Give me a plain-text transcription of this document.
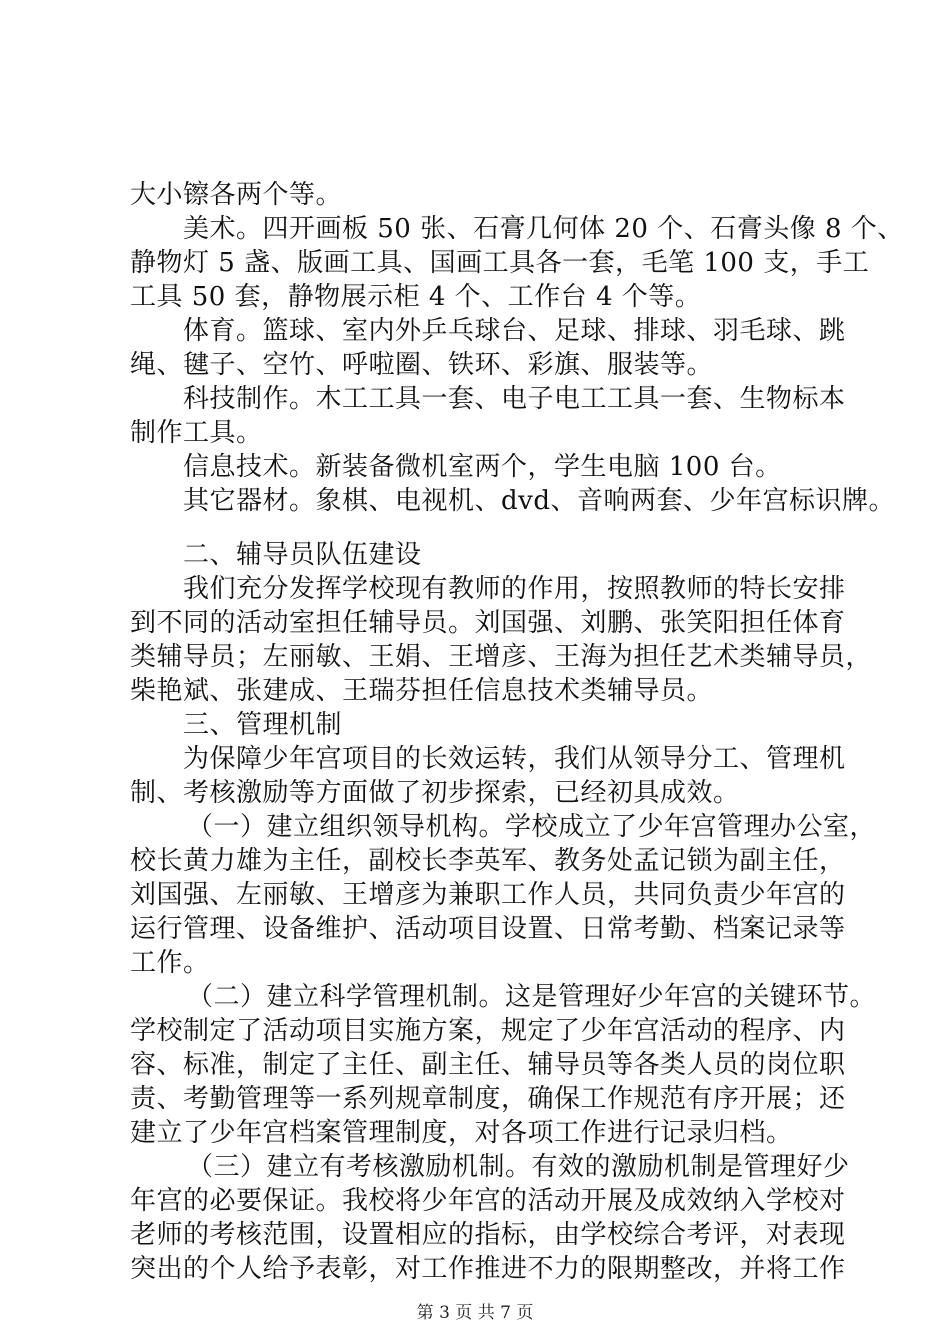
大小镲各两个等。
美术。四开画板 50 张、石膏几何体 20 个、石膏头像 8 个、
静物灯 5 盏、版画工具、国画工具各一套，毛笔 100 支，手工
工具 50 套，静物展示柜 4 个、工作台 4 个等。
体育。篮球、室内外乒乓球台、足球、排球、羽毛球、跳
绳、毽子、空竹、呼啦圈、铁环、彩旗、服装等。
科技制作。木工工具一套、电子电工工具一套、生物标本
制作工具。
信息技术。新装备微机室两个，学生电脑 100 台。
其它器材。象棋、电视机、dvd、音响两套、少年宫标识牌。
二、辅导员队伍建设
我们充分发挥学校现有教师的作用，按照教师的特长安排
到不同的活动室担任辅导员。刘国强、刘鹏、张笑阳担任体育
类辅导员；左丽敏、王娟、王增彦、王海为担任艺术类辅导员，
柴艳斌、张建成、王瑞芬担任信息技术类辅导员。
三、管理机制
为保障少年宫项目的长效运转，我们从领导分工、管理机
制、考核激励等方面做了初步探索，已经初具成效。
（一）建立组织领导机构。学校成立了少年宫管理办公室，
校长黄力雄为主任，副校长李英军、教务处孟记锁为副主任，
刘国强、左丽敏、王增彦为兼职工作人员，共同负责少年宫的
运行管理、设备维护、活动项目设置、日常考勤、档案记录等
工作。
（二）建立科学管理机制。这是管理好少年宫的关键环节。
学校制定了活动项目实施方案，规定了少年宫活动的程序、内
容、标准，制定了主任、副主任、辅导员等各类人员的岗位职
责、考勤管理等一系列规章制度，确保工作规范有序开展；还
建立了少年宫档案管理制度，对各项工作进行记录归档。
（三）建立有考核激励机制。有效的激励机制是管理好少
年宫的必要保证。我校将少年宫的活动开展及成效纳入学校对
老师的考核范围，设置相应的指标，由学校综合考评，对表现
突出的个人给予表彰，对工作推进不力的限期整改，并将工作
第 3 页 共 7 页
